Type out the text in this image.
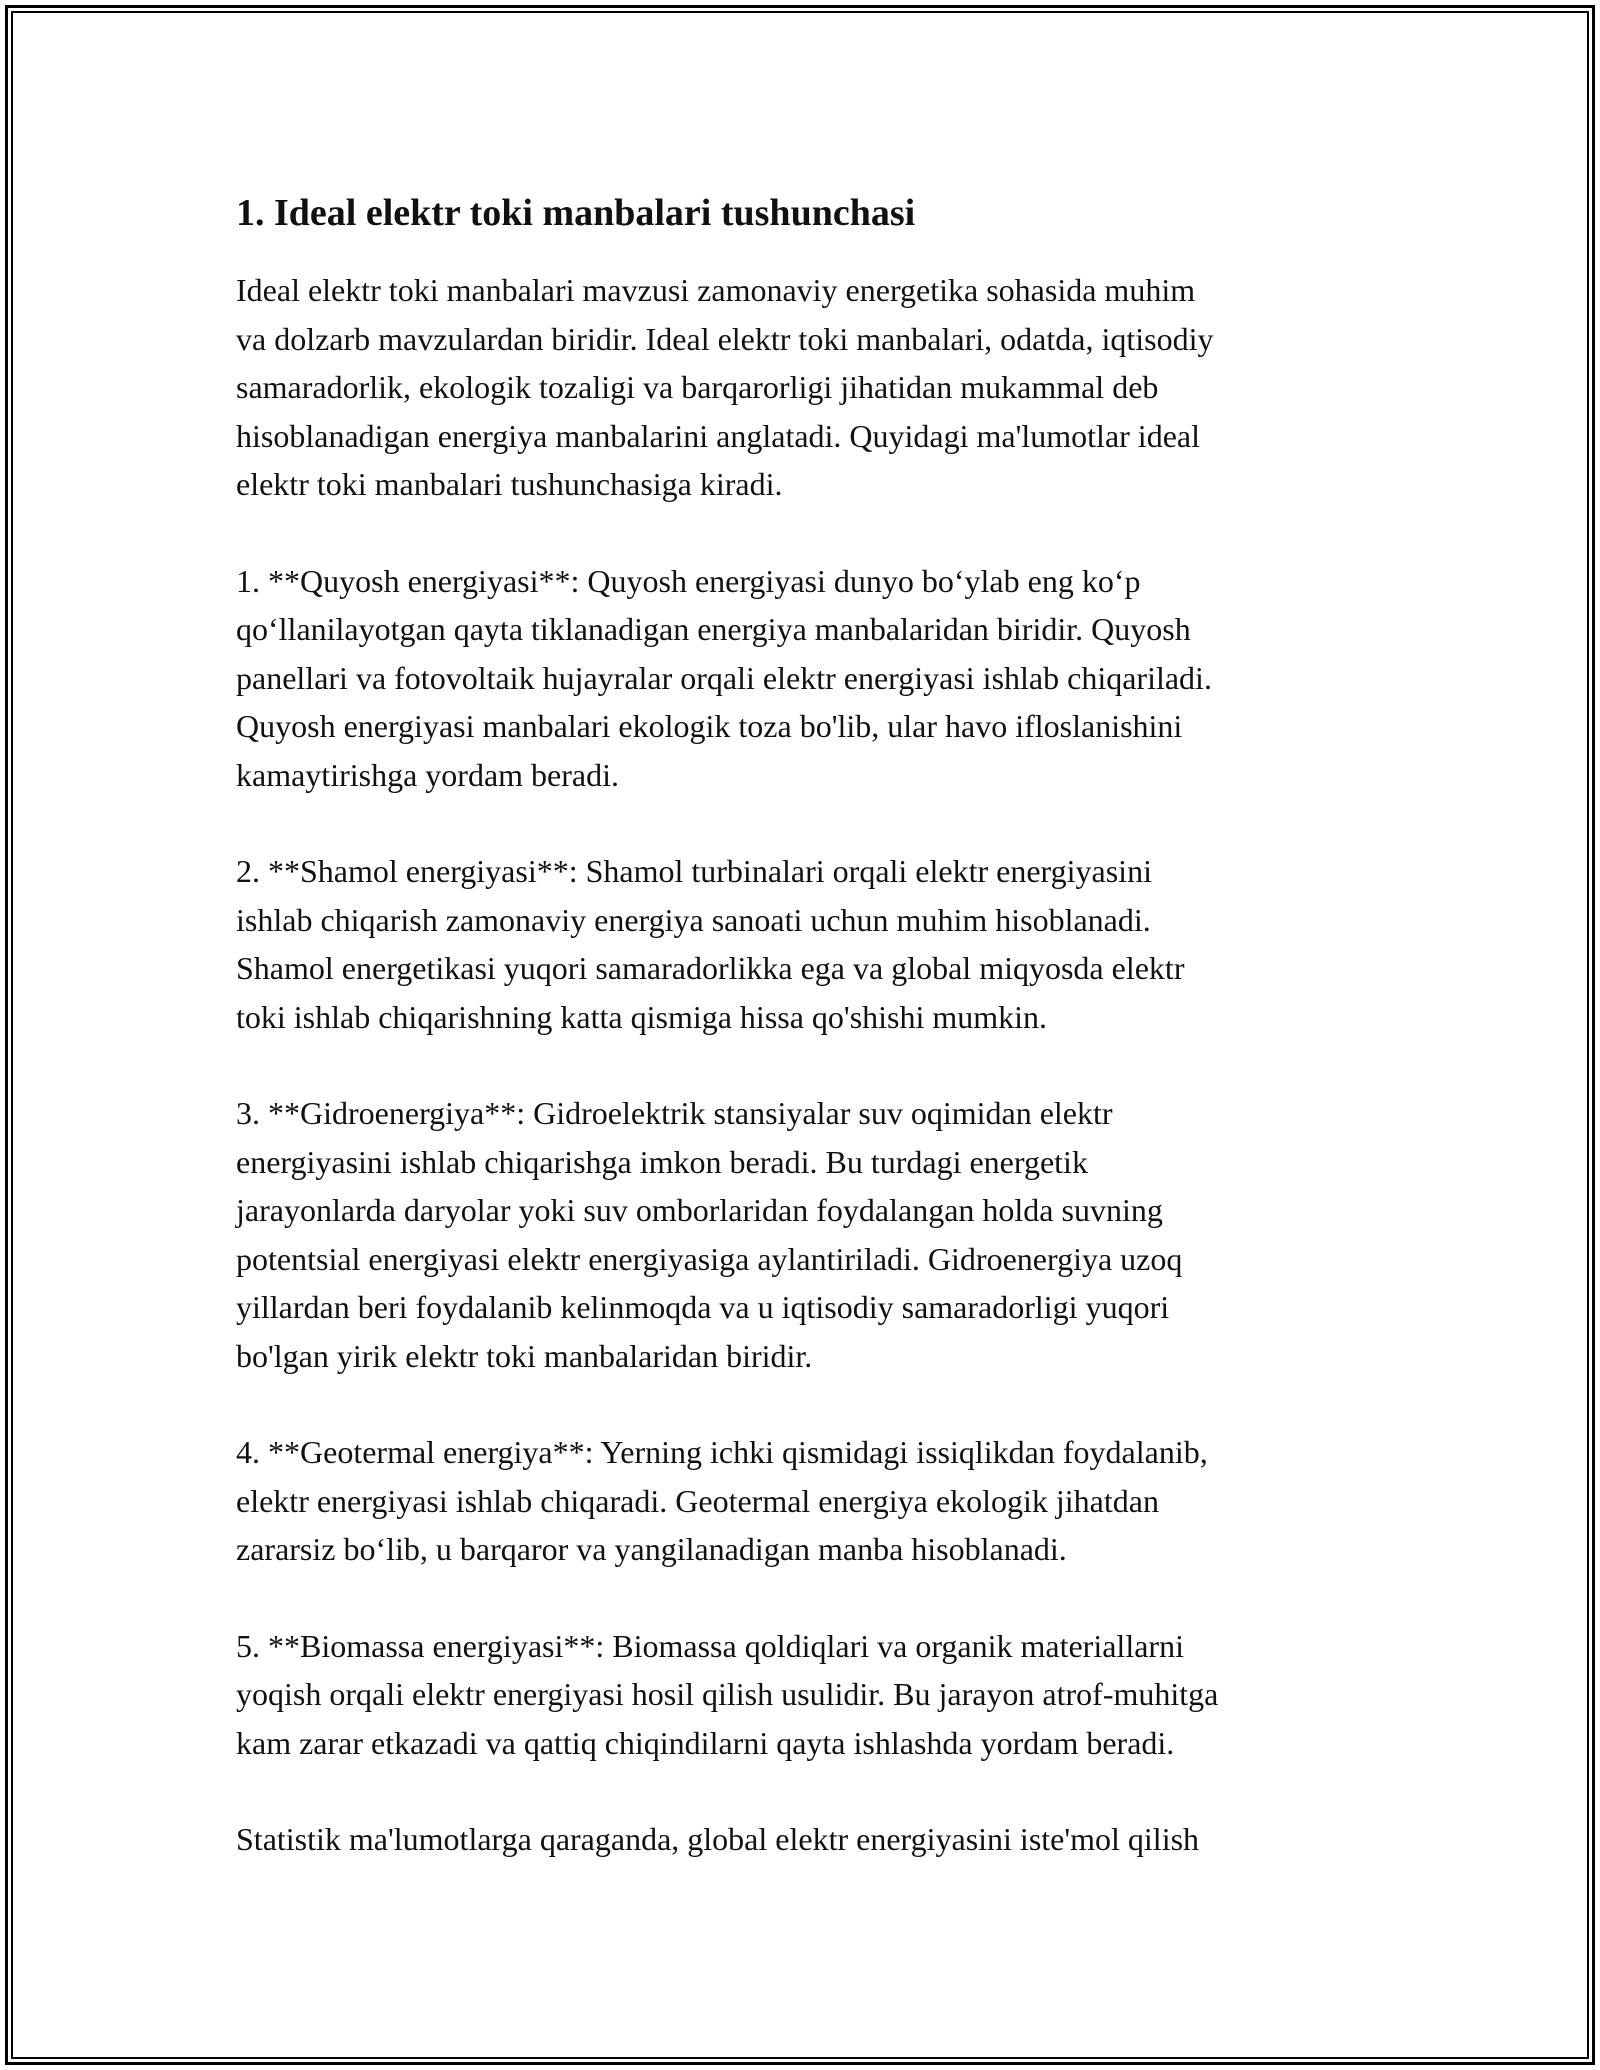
1. Ideal elektr toki manbalari tushunchasi

Ideal elektr toki manbalari mavzusi zamonaviy energetika sohasida muhim
va dolzarb mavzulardan biridir. Ideal elektr toki manbalari, odatda, iqtisodiy
samaradorlik, ekologik tozaligi va barqarorligi jihatidan mukammal deb
hisoblanadigan energiya manbalarini anglatadi. Quyidagi ma'lumotlar ideal
elektr toki manbalari tushunchasiga kiradi.

1. **Quyosh energiyasi**: Quyosh energiyasi dunyo bo‘ylab eng ko‘p
qo‘llanilayotgan qayta tiklanadigan energiya manbalaridan biridir. Quyosh
panellari va fotovoltaik hujayralar orqali elektr energiyasi ishlab chiqariladi.
Quyosh energiyasi manbalari ekologik toza bo'lib, ular havo ifloslanishini
kamaytirishga yordam beradi.

2. **Shamol energiyasi**: Shamol turbinalari orqali elektr energiyasini
ishlab chiqarish zamonaviy energiya sanoati uchun muhim hisoblanadi.
Shamol energetikasi yuqori samaradorlikka ega va global miqyosda elektr
toki ishlab chiqarishning katta qismiga hissa qo'shishi mumkin.

3. **Gidroenergiya**: Gidroelektrik stansiyalar suv oqimidan elektr
energiyasini ishlab chiqarishga imkon beradi. Bu turdagi energetik
jarayonlarda daryolar yoki suv omborlaridan foydalangan holda suvning
potentsial energiyasi elektr energiyasiga aylantiriladi. Gidroenergiya uzoq
yillardan beri foydalanib kelinmoqda va u iqtisodiy samaradorligi yuqori
bo'lgan yirik elektr toki manbalaridan biridir.

4. **Geotermal energiya**: Yerning ichki qismidagi issiqlikdan foydalanib,
elektr energiyasi ishlab chiqaradi. Geotermal energiya ekologik jihatdan
zararsiz bo‘lib, u barqaror va yangilanadigan manba hisoblanadi.

5. **Biomassa energiyasi**: Biomassa qoldiqlari va organik materiallarni
yoqish orqali elektr energiyasi hosil qilish usulidir. Bu jarayon atrof-muhitga
kam zarar etkazadi va qattiq chiqindilarni qayta ishlashda yordam beradi.

Statistik ma'lumotlarga qaraganda, global elektr energiyasini iste'mol qilish
